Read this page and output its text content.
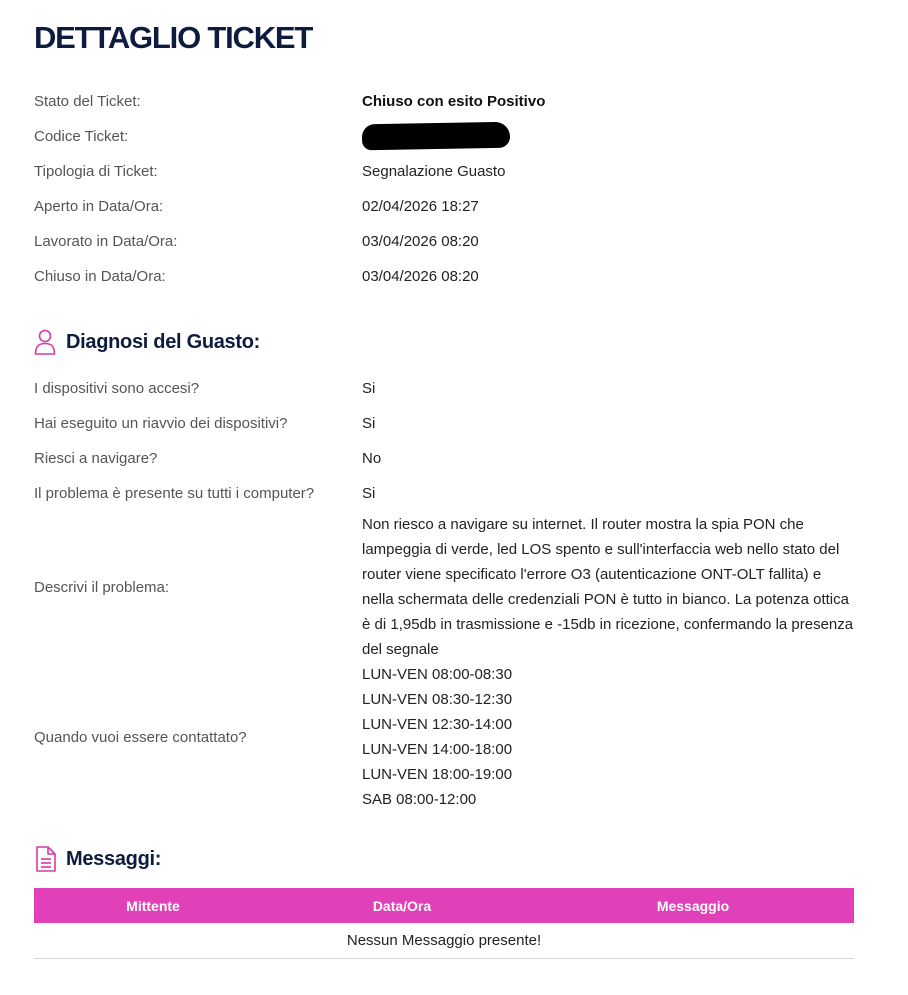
DETTAGLIO TICKET
Stato del Ticket:	Chiuso con esito Positivo
Codice Ticket:
Tipologia di Ticket:	Segnalazione Guasto
Aperto in Data/Ora:	02/04/2026 18:27
Lavorato in Data/Ora:	03/04/2026 08:20
Chiuso in Data/Ora:	03/04/2026 08:20
Diagnosi del Guasto:
I dispositivi sono accesi?	Si
Hai eseguito un riavvio dei dispositivi?	Si
Riesci a navigare?	No
Il problema è presente su tutti i computer?	Si
Descrivi il problema:
Non riesco a navigare su internet. Il router mostra la spia PON che
lampeggia di verde, led LOS spento e sull'interfaccia web nello stato del
router viene specificato l'errore O3 (autenticazione ONT-OLT fallita) e
nella schermata delle credenziali PON è tutto in bianco. La potenza ottica
è di 1,95db in trasmissione e -15db in ricezione, confermando la presenza
del segnale
Quando vuoi essere contattato?
LUN-VEN 08:00-08:30
LUN-VEN 08:30-12:30
LUN-VEN 12:30-14:00
LUN-VEN 14:00-18:00
LUN-VEN 18:00-19:00
SAB 08:00-12:00
Messaggi:
Mittente	Data/Ora	Messaggio
Nessun Messaggio presente!
